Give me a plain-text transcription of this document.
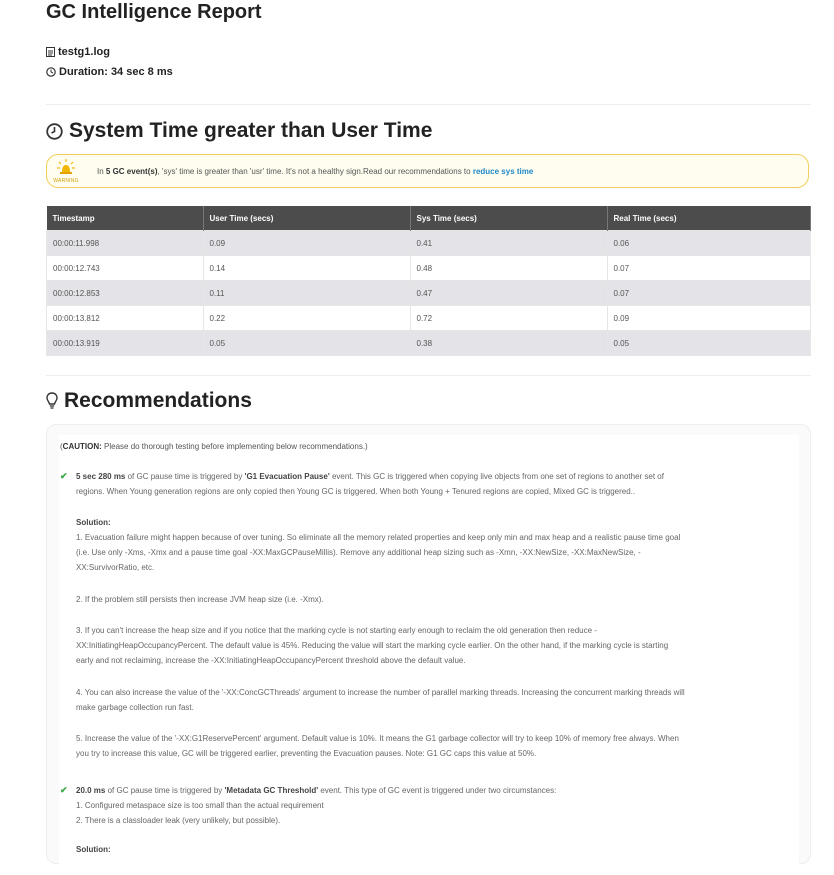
GC Intelligence Report
testg1.log
Duration: 34 sec 8 ms
System Time greater than User Time
WARNING
In 5 GC event(s), 'sys' time is greater than 'usr' time. It's not a healthy sign.Read our recommendations to reduce sys time
Timestamp	User Time (secs)	Sys Time (secs)	Real Time (secs)
00:00:11.998	0.09	0.41	0.06
00:00:12.743	0.14	0.48	0.07
00:00:12.853	0.11	0.47	0.07
00:00:13.812	0.22	0.72	0.09
00:00:13.919	0.05	0.38	0.05
Recommendations
(CAUTION: Please do thorough testing before implementing below recommendations.)
✔ 5 sec 280 ms of GC pause time is triggered by 'G1 Evacuation Pause' event. This GC is triggered when copying live objects from one set of regions to another set of
regions. When Young generation regions are only copied then Young GC is triggered. When both Young + Tenured regions are copied, Mixed GC is triggered..

Solution:

1. Evacuation failure might happen because of over tuning. So eliminate all the memory related properties and keep only min and max heap and a realistic pause time goal
(i.e. Use only -Xms, -Xmx and a pause time goal -XX:MaxGCPauseMillis). Remove any additional heap sizing such as -Xmn, -XX:NewSize, -XX:MaxNewSize, -
XX:SurvivorRatio, etc.

2. If the problem still persists then increase JVM heap size (i.e. -Xmx).

3. If you can't increase the heap size and if you notice that the marking cycle is not starting early enough to reclaim the old generation then reduce -
XX:InitiatingHeapOccupancyPercent. The default value is 45%. Reducing the value will start the marking cycle earlier. On the other hand, if the marking cycle is starting
early and not reclaiming, increase the -XX:InitiatingHeapOccupancyPercent threshold above the default value.

4. You can also increase the value of the '-XX:ConcGCThreads' argument to increase the number of parallel marking threads. Increasing the concurrent marking threads will
make garbage collection run fast.

5. Increase the value of the '-XX:G1ReservePercent' argument. Default value is 10%. It means the G1 garbage collector will try to keep 10% of memory free always. When
you try to increase this value, GC will be triggered earlier, preventing the Evacuation pauses. Note: G1 GC caps this value at 50%.

✔ 20.0 ms of GC pause time is triggered by 'Metadata GC Threshold' event. This type of GC event is triggered under two circumstances:
1. Configured metaspace size is too small than the actual requirement
2. There is a classloader leak (very unlikely, but possible).

Solution:
